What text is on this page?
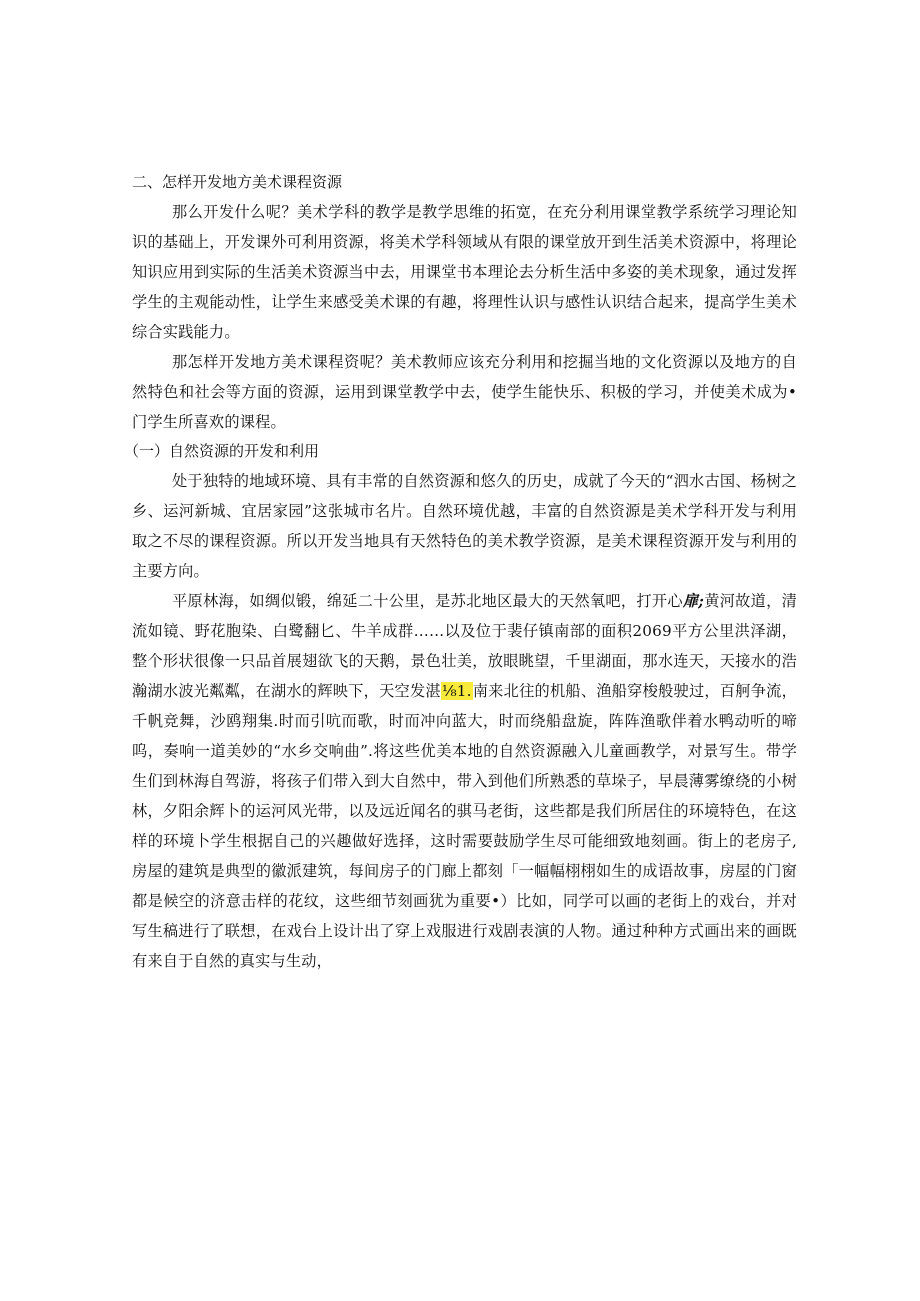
二、怎样开发地方美术课程资源

那么开发什么呢？美术学科的教学是教学思维的拓宽，在充分利用课堂教学系统学习理论知识的基础上，开发课外可利用资源，将美术学科领域从有限的课堂放开到生活美术资源中，将理论知识应用到实际的生活美术资源当中去，用课堂书本理论去分析生活中多姿的美术现象，通过发挥学生的主观能动性，让学生来感受美术课的有趣，将理性认识与感性认识结合起来，提高学生美术综合实践能力。

那怎样开发地方美术课程资呢？美术教师应该充分利用和挖掘当地的文化资源以及地方的自然特色和社会等方面的资源，运用到课堂教学中去，使学生能快乐、积极的学习，并使美术成为•门学生所喜欢的课程。

（一）自然资源的开发和利用

处于独特的地域环境、具有丰常的自然资源和悠久的历史，成就了今天的“泗水古国、杨树之乡、运河新城、宜居家园”这张城市名片。自然环境优越，丰富的自然资源是美术学科开发与利用取之不尽的课程资源。所以开发当地具有天然特色的美术教学资源，是美术课程资源开发与利用的主要方向。

平原林海，如绸似锻，绵延二十公里，是苏北地区最大的天然氧吧，打开心扉;黄河故道，清流如镜、野花胞染、白鹭翻匕、牛羊成群……以及位于裴仔镇南部的面积2069平方公里洪泽湖，整个形状很像一只品首展翅欲飞的天鹅，景色壮美，放眼眺望，千里湖面，那水连天，天接水的浩瀚湖水波光粼粼，在湖水的辉映下，天空发湛⅛1.南来北往的机船、渔船穿梭般驶过，百舸争流，千帆竞舞，沙鸥翔集.时而引吭而歌，时而冲向蓝大，时而绕船盘旋，阵阵渔歌伴着水鸭动听的啼呜，奏响一道美妙的“水乡交响曲”.将这些优美本地的自然资源融入儿童画教学，对景写生。带学生们到林海自驾游，将孩子们带入到大自然中，带入到他们所熟悉的草垛子，早晨薄雾缭绕的小树林，夕阳余辉卜的运河风光带，以及远近闻名的骐马老街，这些都是我们所居住的环境特色，在这样的环境卜学生根据自己的兴趣做好选择，这时需要鼓励学生尽可能细致地刻画。街上的老房子,房屋的建筑是典型的徽派建筑，每间房子的门廊上都刻「一幅幅栩栩如生的成语故事，房屋的门窗都是候空的济意击样的花纹，这些细节刻画犹为重要•）比如，同学可以画的老街上的戏台，并对写生稿进行了联想，在戏台上设计出了穿上戏服进行戏剧表演的人物。通过种种方式画出来的画既有来自于自然的真实与生动，
